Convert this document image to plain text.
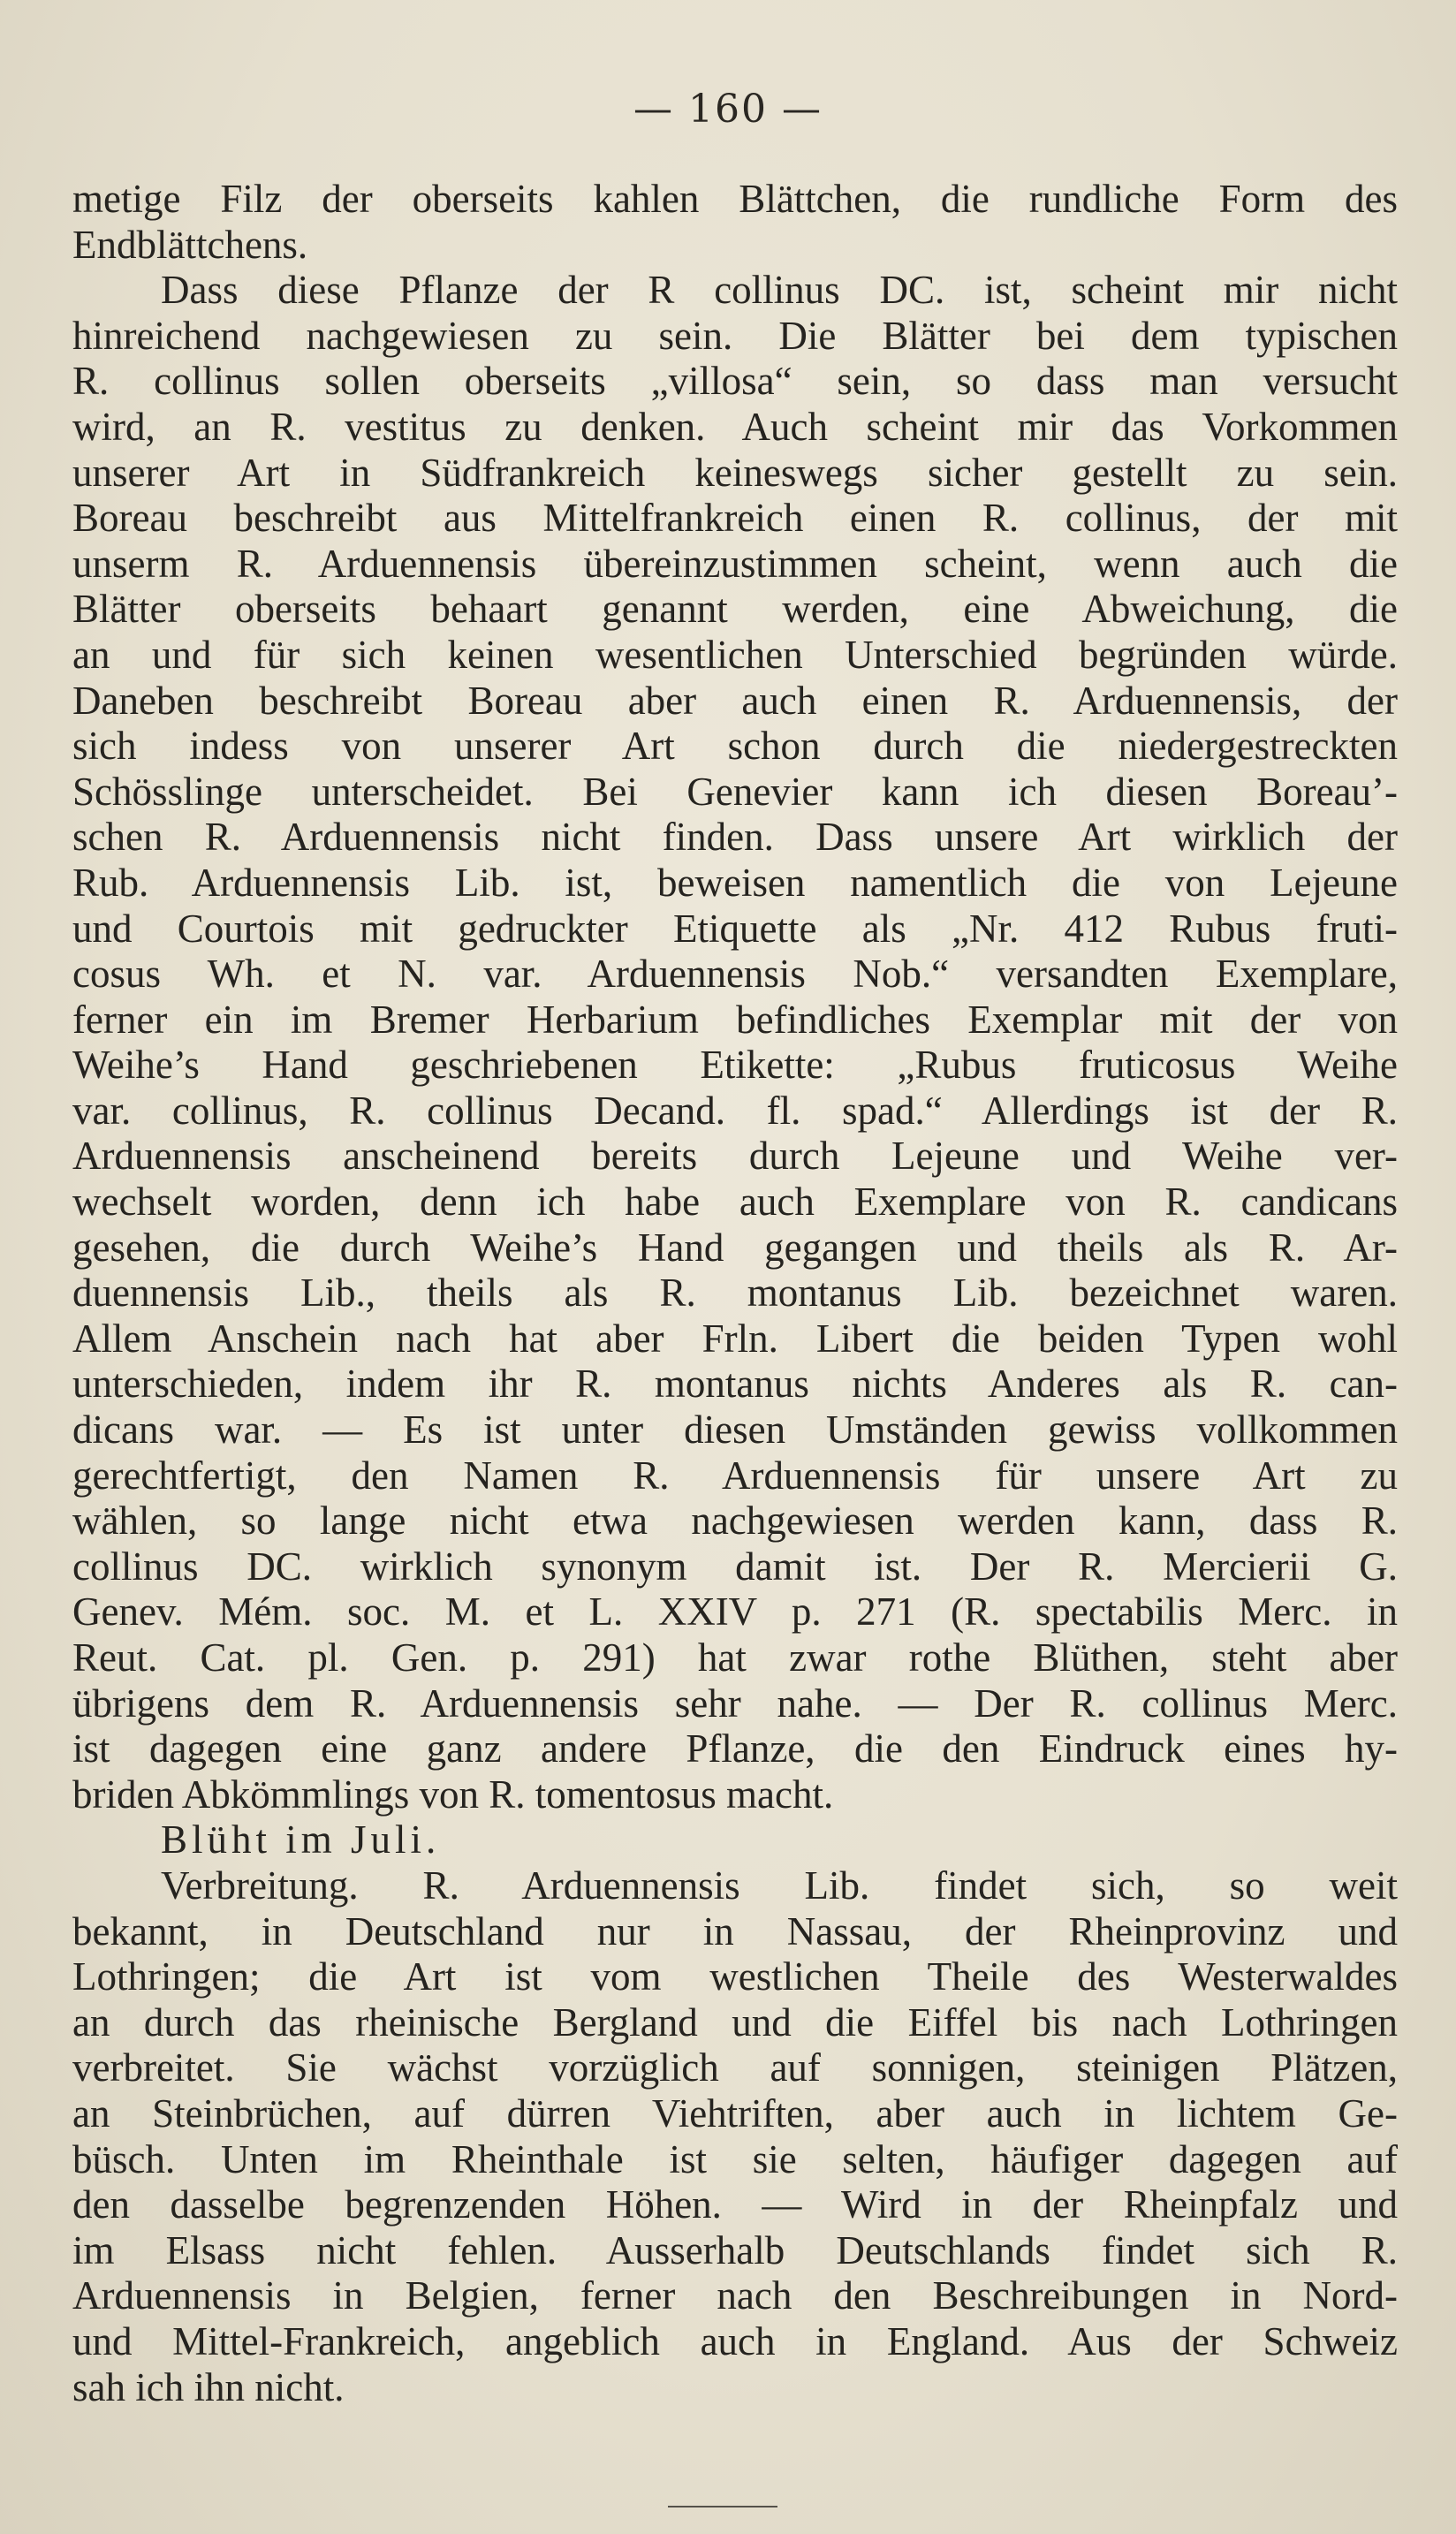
— 160 —
metige Filz der oberseits kahlen Blättchen, die rundliche Form des
Endblättchens.
Dass diese Pflanze der R collinus DC. ist, scheint mir nicht
hinreichend nachgewiesen zu sein. Die Blätter bei dem typischen
R. collinus sollen oberseits „villosa“ sein, so dass man versucht
wird, an R. vestitus zu denken. Auch scheint mir das Vorkommen
unserer Art in Südfrankreich keineswegs sicher gestellt zu sein.
Boreau beschreibt aus Mittelfrankreich einen R. collinus, der mit
unserm R. Arduennensis übereinzustimmen scheint, wenn auch die
Blätter oberseits behaart genannt werden, eine Abweichung, die
an und für sich keinen wesentlichen Unterschied begründen würde.
Daneben beschreibt Boreau aber auch einen R. Arduennensis, der
sich indess von unserer Art schon durch die niedergestreckten
Schösslinge unterscheidet. Bei Genevier kann ich diesen Boreau’-
schen R. Arduennensis nicht finden. Dass unsere Art wirklich der
Rub. Arduennensis Lib. ist, beweisen namentlich die von Lejeune
und Courtois mit gedruckter Etiquette als „Nr. 412 Rubus fruti-
cosus Wh. et N. var. Arduennensis Nob.“ versandten Exemplare,
ferner ein im Bremer Herbarium befindliches Exemplar mit der von
Weihe’s Hand geschriebenen Etikette: „Rubus fruticosus Weihe
var. collinus, R. collinus Decand. fl. spad.“ Allerdings ist der R.
Arduennensis anscheinend bereits durch Lejeune und Weihe ver-
wechselt worden, denn ich habe auch Exemplare von R. candicans
gesehen, die durch Weihe’s Hand gegangen und theils als R. Ar-
duennensis Lib., theils als R. montanus Lib. bezeichnet waren.
Allem Anschein nach hat aber Frln. Libert die beiden Typen wohl
unterschieden, indem ihr R. montanus nichts Anderes als R. can-
dicans war. — Es ist unter diesen Umständen gewiss vollkommen
gerechtfertigt, den Namen R. Arduennensis für unsere Art zu
wählen, so lange nicht etwa nachgewiesen werden kann, dass R.
collinus DC. wirklich synonym damit ist. Der R. Mercierii G.
Genev. Mém. soc. M. et L. XXIV p. 271 (R. spectabilis Merc. in
Reut. Cat. pl. Gen. p. 291) hat zwar rothe Blüthen, steht aber
übrigens dem R. Arduennensis sehr nahe. — Der R. collinus Merc.
ist dagegen eine ganz andere Pflanze, die den Eindruck eines hy-
briden Abkömmlings von R. tomentosus macht.
Blüht im Juli.
Verbreitung. R. Arduennensis Lib. findet sich, so weit
bekannt, in Deutschland nur in Nassau, der Rheinprovinz und
Lothringen; die Art ist vom westlichen Theile des Westerwaldes
an durch das rheinische Bergland und die Eiffel bis nach Lothringen
verbreitet. Sie wächst vorzüglich auf sonnigen, steinigen Plätzen,
an Steinbrüchen, auf dürren Viehtriften, aber auch in lichtem Ge-
büsch. Unten im Rheinthale ist sie selten, häufiger dagegen auf
den dasselbe begrenzenden Höhen. — Wird in der Rheinpfalz und
im Elsass nicht fehlen. Ausserhalb Deutschlands findet sich R.
Arduennensis in Belgien, ferner nach den Beschreibungen in Nord-
und Mittel-Frankreich, angeblich auch in England. Aus der Schweiz
sah ich ihn nicht.
